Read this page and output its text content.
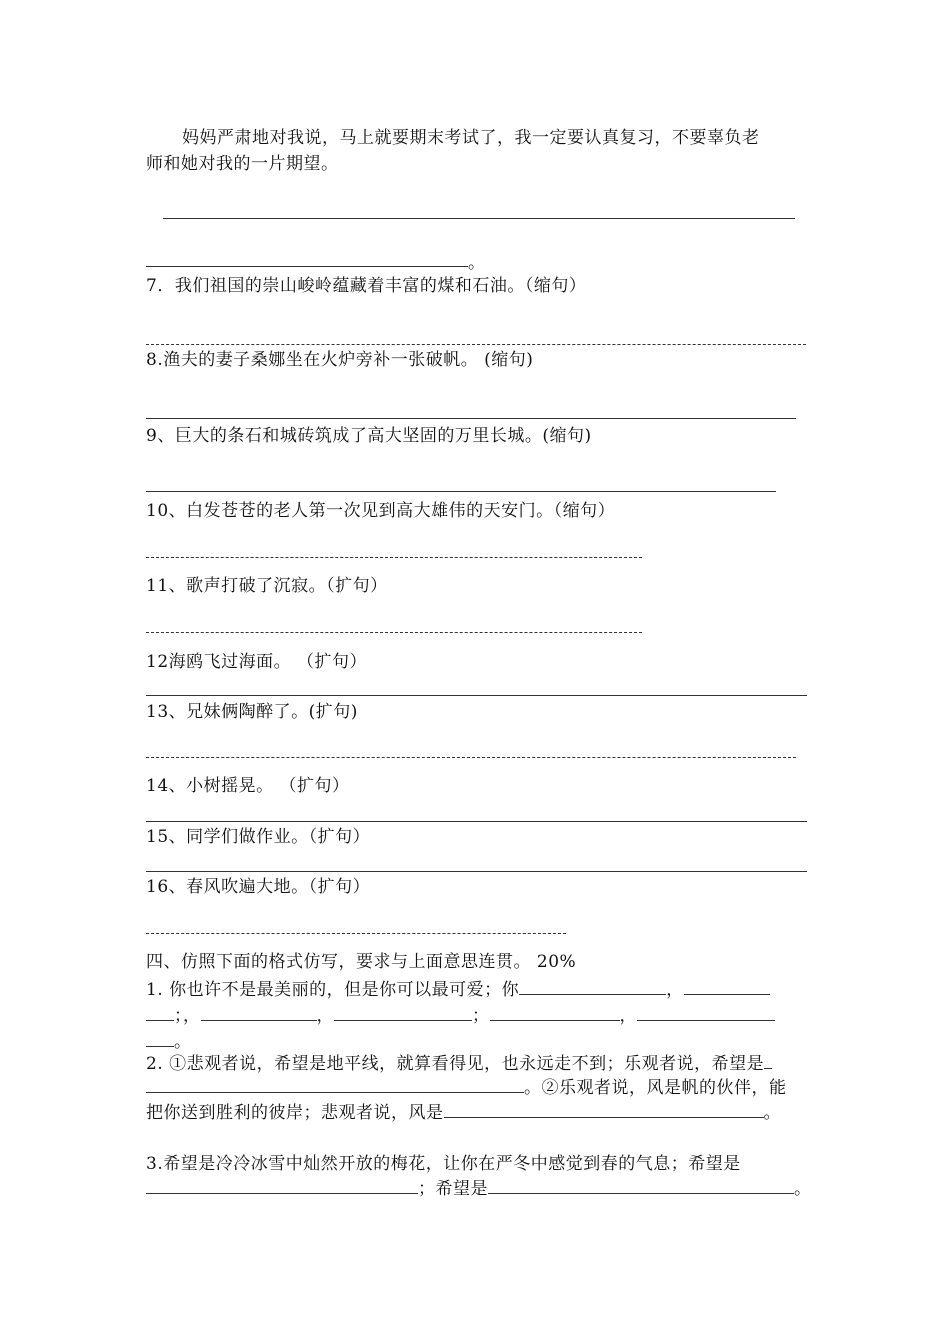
妈妈严肃地对我说，马上就要期末考试了，我一定要认真复习，不要辜负老
师和她对我的一片期望。
。
7．我们祖国的崇山峻岭蕴藏着丰富的煤和石油。（缩句）
8.渔夫的妻子桑娜坐在火炉旁补一张破帆。 (缩句)
9、巨大的条石和城砖筑成了高大坚固的万里长城。(缩句)
10、白发苍苍的老人第一次见到高大雄伟的天安门。（缩句）
11、歌声打破了沉寂。（扩句）
12海鸥飞过海面。 （扩句）
13、兄妹俩陶醉了。(扩句)
14、小树摇晃。 （扩句）
15、同学们做作业。（扩句）
16、春风吹遍大地。（扩句）
四、仿照下面的格式仿写，要求与上面意思连贯。 20%
1. 你也许不是最美丽的，但是你可以最可爱；你	，
；，	，	；	，
。
2. ①悲观者说，希望是地平线，就算看得见，也永远走不到；乐观者说，希望是
。②乐观者说，风是帆的伙伴，能
把你送到胜利的彼岸；悲观者说，风是	。
3.希望是冷冷冰雪中灿然开放的梅花，让你在严冬中感觉到春的气息；希望是
；希望是	。
